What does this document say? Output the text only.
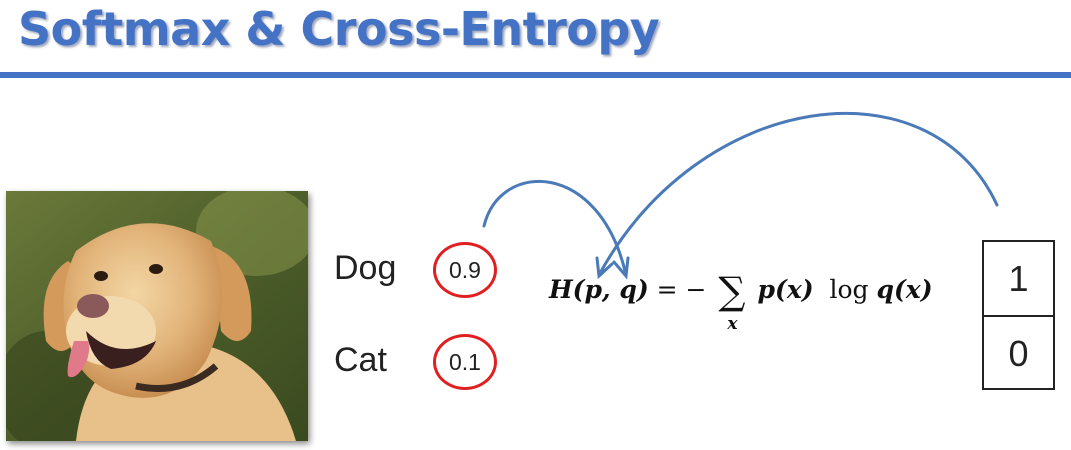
Softmax & Cross-Entropy
Dog	0.9
Cat	0.1
H(p, q) = − ∑
x
p(x) log q(x)	1
0
